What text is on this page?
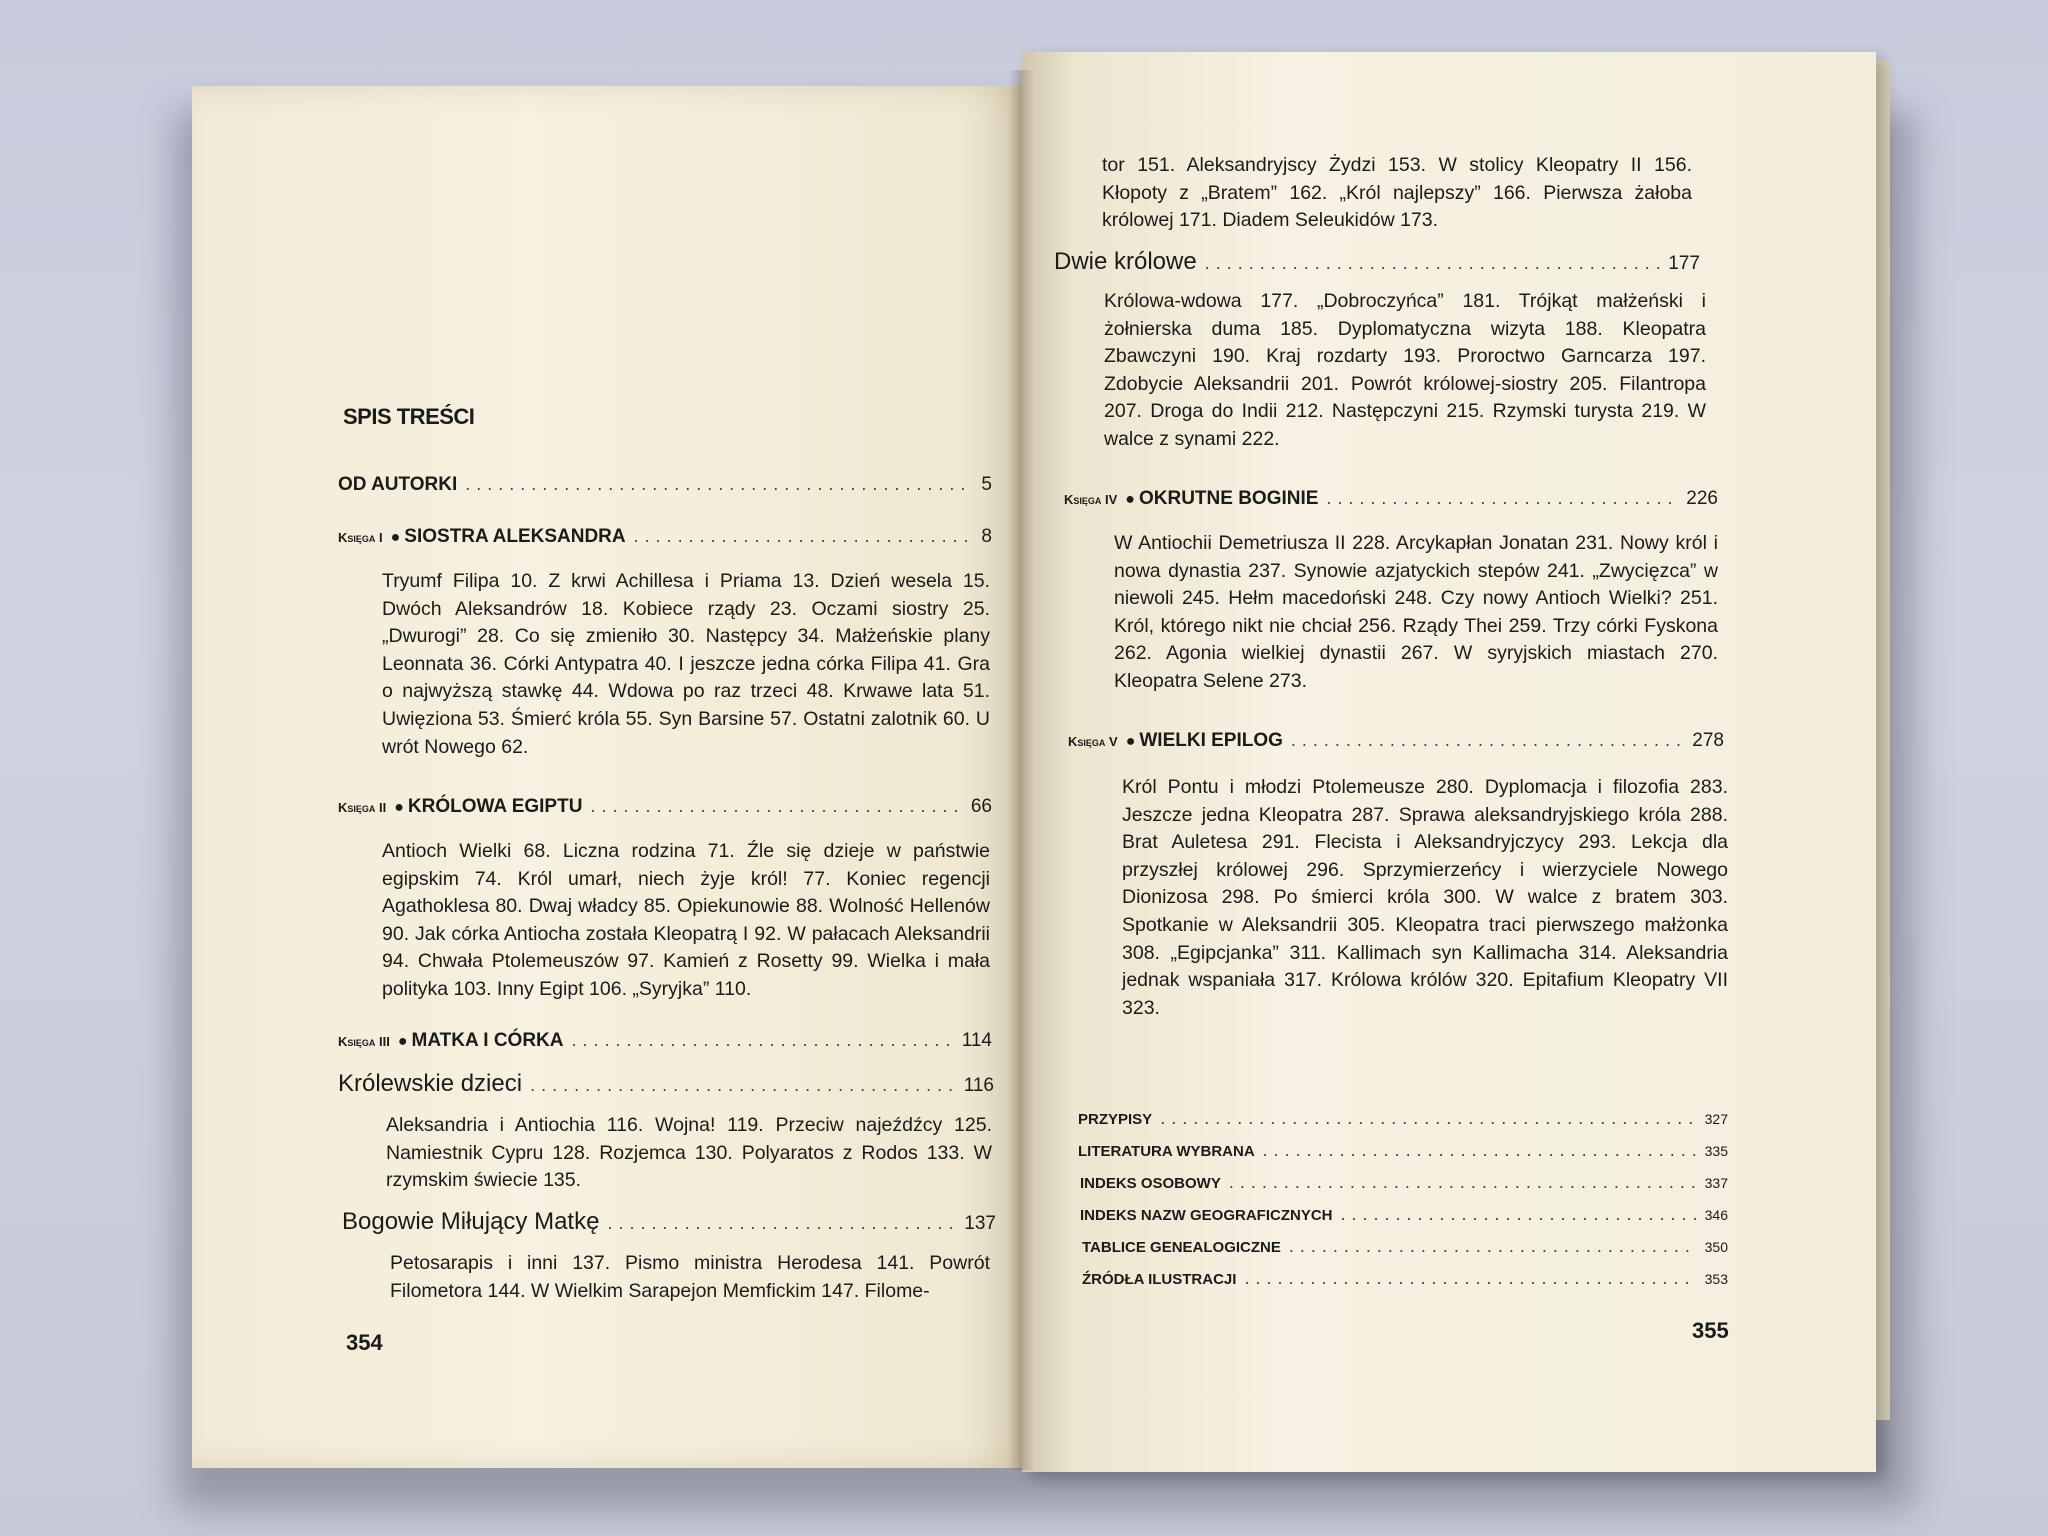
SPIS TREŚCI
OD AUTORKI .....	5
Księga I ● SIOSTRA ALEKSANDRA .....	8
Tryumf Filipa 10. Z krwi Achillesa i Priama 13. Dzień wesela 15. Dwóch Aleksandrów 18. Kobiece rządy 23. Oczami siostry 25. „Dwurogi” 28. Co się zmieniło 30. Następcy 34. Małżeńskie plany Leonnata 36. Córki Antypatra 40. I jeszcze jedna córka Filipa 41. Gra o najwyższą stawkę 44. Wdowa po raz trzeci 48. Krwawe lata 51. Uwięziona 53. Śmierć króla 55. Syn Barsine 57. Ostatni zalotnik 60. U wrót Nowego 62.
Księga II ● KRÓLOWA EGIPTU .....	66
Antioch Wielki 68. Liczna rodzina 71. Źle się dzieje w państwie egipskim 74. Król umarł, niech żyje król! 77. Koniec regencji Agathoklesa 80. Dwaj władcy 85. Opiekunowie 88. Wolność Hellenów 90. Jak córka Antiocha została Kleopatrą I 92. W pałacach Aleksandrii 94. Chwała Ptolemeuszów 97. Kamień z Rosetty 99. Wielka i mała polityka 103. Inny Egipt 106. „Syryjka” 110.
Księga III ● MATKA I CÓRKA .....	114
Królewskie dzieci .....	116
Aleksandria i Antiochia 116. Wojna! 119. Przeciw najeźdźcy 125. Namiestnik Cypru 128. Rozjemca 130. Polyaratos z Rodos 133. W rzymskim świecie 135.
Bogowie Miłujący Matkę .....	137
Petosarapis i inni 137. Pismo ministra Herodesa 141. Powrót Filometora 144. W Wielkim Sarapejon Memfickim 147. Filome-
354
tor 151. Aleksandryjscy Żydzi 153. W stolicy Kleopatry II 156. Kłopoty z „Bratem” 162. „Król najlepszy” 166. Pierwsza żałoba królowej 171. Diadem Seleukidów 173.
Dwie królowe .....	177
Królowa-wdowa 177. „Dobroczyńca” 181. Trójkąt małżeński i żołnierska duma 185. Dyplomatyczna wizyta 188. Kleopatra Zbawczyni 190. Kraj rozdarty 193. Proroctwo Garncarza 197. Zdobycie Aleksandrii 201. Powrót królowej-siostry 205. Filantropa 207. Droga do Indii 212. Następczyni 215. Rzymski turysta 219. W walce z synami 222.
Księga IV ● OKRUTNE BOGINIE .....	226
W Antiochii Demetriusza II 228. Arcykapłan Jonatan 231. Nowy król i nowa dynastia 237. Synowie azjatyckich stepów 241. „Zwycięzca” w niewoli 245. Hełm macedoński 248. Czy nowy Antioch Wielki? 251. Król, którego nikt nie chciał 256. Rządy Thei 259. Trzy córki Fyskona 262. Agonia wielkiej dynastii 267. W syryjskich miastach 270. Kleopatra Selene 273.
Księga V ● WIELKI EPILOG .....	278
Król Pontu i młodzi Ptolemeusze 280. Dyplomacja i filozofia 283. Jeszcze jedna Kleopatra 287. Sprawa aleksandryjskiego króla 288. Brat Auletesa 291. Flecista i Aleksandryjczycy 293. Lekcja dla przyszłej królowej 296. Sprzymierzeńcy i wierzyciele Nowego Dionizosa 298. Po śmierci króla 300. W walce z bratem 303. Spotkanie w Aleksandrii 305. Kleopatra traci pierwszego małżonka 308. „Egipcjanka” 311. Kallimach syn Kallimacha 314. Aleksandria jednak wspaniała 317. Królowa królów 320. Epitafium Kleopatry VII 323.
PRZYPISY .....	327
LITERATURA WYBRANA .....	335
INDEKS OSOBOWY .....	337
INDEKS NAZW GEOGRAFICZNYCH .....	346
TABLICE GENEALOGICZNE .....	350
ŹRÓDŁA ILUSTRACJI .....	353
355
